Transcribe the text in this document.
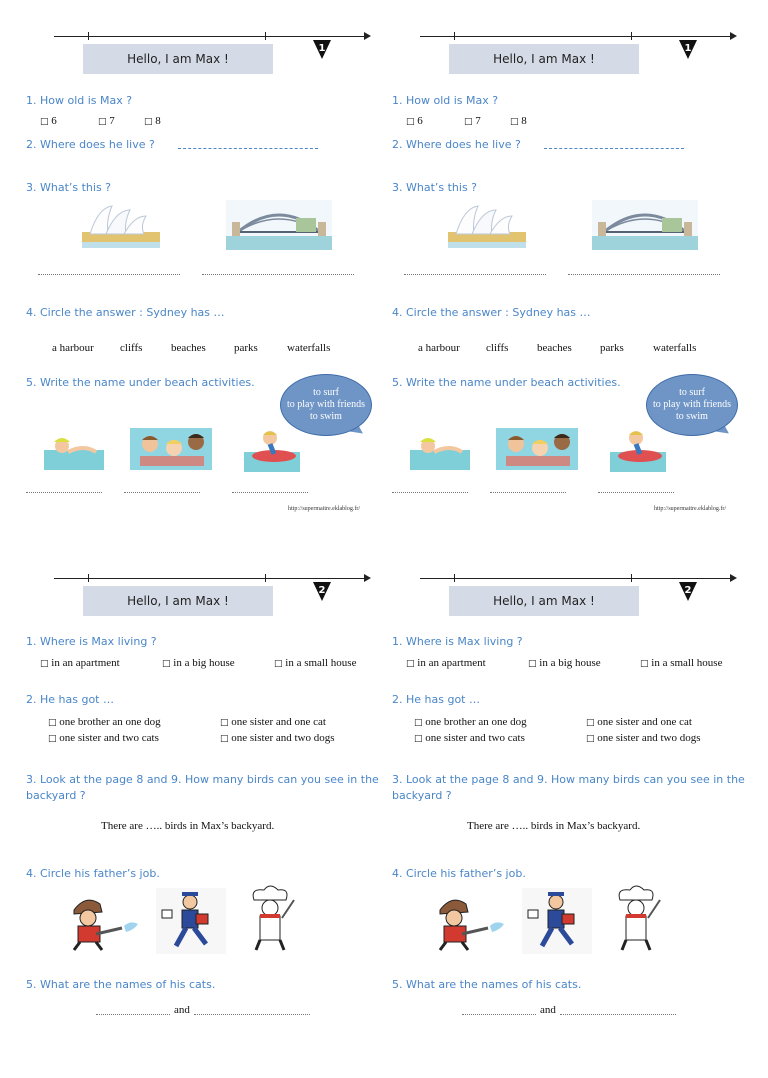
Hello, I am Max !
1
1. How old is Max ?
□ 6	□ 7	□ 8
2. Where does he live ?
3. What’s this ?
4. Circle the answer : Sydney has …
a harbour cliffs	beaches	parks	waterfalls
5. Write the name under beach activities.
to surf
to play with friends
to swim
http://supermaitre.eklablog.fr/
Hello, I am Max !
1
1. How old is Max ?
□ 6	□ 7	□ 8
2. Where does he live ?
3. What’s this ?
4. Circle the answer : Sydney has …
a harbour cliffs	beaches	parks	waterfalls
5. Write the name under beach activities.
to surf
to play with friends
to swim
http://supermaitre.eklablog.fr/
Hello, I am Max !
2
1. Where is Max living ?
□ in an apartment	□ in a big house	□ in a small house
2. He has got …
□ one brother an one dog	□ one sister and one cat
□ one sister and two cats	□ one sister and two dogs
3. Look at the page 8 and 9. How many birds can you see in the backyard ?
There are ….. birds in Max’s backyard.
4. Circle his father’s job.
5. What are the names of his cats.
and
Hello, I am Max !
2
1. Where is Max living ?
□ in an apartment	□ in a big house	□ in a small house
2. He has got …
□ one brother an one dog	□ one sister and one cat
□ one sister and two cats	□ one sister and two dogs
3. Look at the page 8 and 9. How many birds can you see in the backyard ?
There are ….. birds in Max’s backyard.
4. Circle his father’s job.
5. What are the names of his cats.
and
